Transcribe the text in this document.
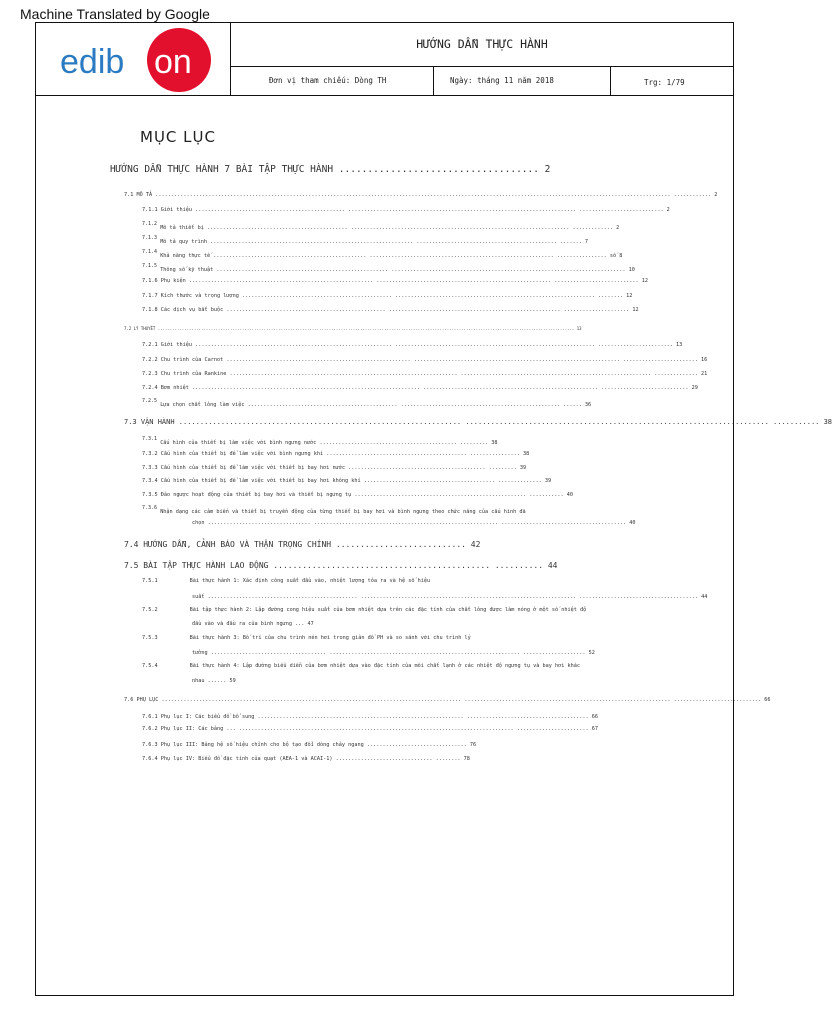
Machine Translated by Google
edib on	HƯỚNG DẪN THỰC HÀNH
Đơn vị tham chiếu: Dòng TH	Ngày: tháng 11 năm 2018	Trg: 1/79
MỤC LỤC
HƯỚNG DẪN THỰC HÀNH 7 BÀI TẬP THỰC HÀNH ................................... 2
7.1 MÔ TẢ ..................................................................................................................................................................... ............ 2
7.1.1 Giới thiệu ................................................ ......................................................................... ........................... 2
7.1.2 Mô tả thiết bị ............................................. ...................................................................... ............. 2
7.1.3 Mô tả quy trình ................................................................. ............................................. ....... 7
7.1.4 Khả năng thực tế ................................................. ........................................................... ................ số 8
7.1.5 Thông số kỹ thuật ....................................................... ........................................................................... 10
7.1.6 Phụ kiện ........................................................... ........................................................ ........................... 12
7.1.7 Kích thước và trọng lượng ................................................ ................................................................ ........ 12
7.1.8 Các dịch vụ bắt buộc ................................................... ....................................................... ..................... 12
7.2 LÝ THUYẾT ............................................................................................................................................................................. 13
7.2.1 Giới thiệu ............................................................... ................................................................ ........................ 13
7.2.2 Chu trình của Carnot ........................................................... .................................................................. ........................ 16
7.2.3 Chu trình của Rankine ......................................................................... ............................................................. .............. 21
7.2.4 Bơm nhiệt ......................................................................... ........................................................ ............................ 29
7.2.5 Lựa chọn chất lỏng làm việc ................................................ ................................................... ...... 36
7.3 VẬN HÀNH ................................................................... ........................................................................ ........... 38
7.3.1 Cấu hình của thiết bị làm việc với bình ngưng nước ............................................ ......... 38
7.3.2 Cấu hình của thiết bị để làm việc với bình ngưng khí ............................................. ................ 38
7.3.3 Cấu hình của thiết bị để làm việc với thiết bị bay hơi nước ............................................ ......... 39
7.3.4 Cấu hình của thiết bị để làm việc với thiết bị bay hơi không khí .......................................... .............. 39
7.3.5 Đảo ngược hoạt động của thiết bị bay hơi và thiết bị ngưng tụ ....................................................... ........... 40
7.3.6 Nhận dạng các cảm biến và thiết bị truyền động của từng thiết bị bay hơi và bình ngưng theo chức năng của cấu hình đã
chọn ................................. ........................................................... ........................................ 40
7.4 HƯỚNG DẪN, CẢNH BÁO VÀ THẬN TRỌNG CHÍNH ........................... 42
7.5 BÀI TẬP THỰC HÀNH LAO ĐỘNG ............................................. .......... 44
7.5.1	Bài thực hành 1: Xác định công suất đầu vào, nhiệt lượng tỏa ra và hệ số hiệu
suất ................................................ ..................................................................... ...................................... 44
7.5.2	Bài tập thực hành 2: Lập đường cong hiệu suất của bơm nhiệt dựa trên các đặc tính của chất lỏng được làm nóng ở một số nhiệt độ
đầu vào và đầu ra của bình ngưng ... 47
7.5.3	Bài thực hành 3: Bố trí của chu trình nén hơi trong giản đồ PH và so sánh với chu trình lý
tưởng ..................................... ............................................................. .................... 52
7.5.4	Bài thực hành 4: Lập đường biểu diễn của bơm nhiệt dựa vào đặc tính của môi chất lạnh ở các nhiệt độ ngưng tụ và bay hơi khác
nhau ...... 59
7.6 PHỤ LỤC ................................................................................................ .................................................................. ............................ 66
7.6.1 Phụ lục I: Các biểu đồ bổ sung .................................................................. ....................................... 66
7.6.2 Phụ lục II: Các bảng ... ........................................................................................ ....................... 67
7.6.3 Phụ lục III: Bảng hệ số hiệu chỉnh cho bộ tạo đổi dòng chảy ngang ................................ 76
7.6.4 Phụ lục IV: Biểu đồ đặc tính của quạt (AEA-1 và ACAI-1) ............................... ........ 78
